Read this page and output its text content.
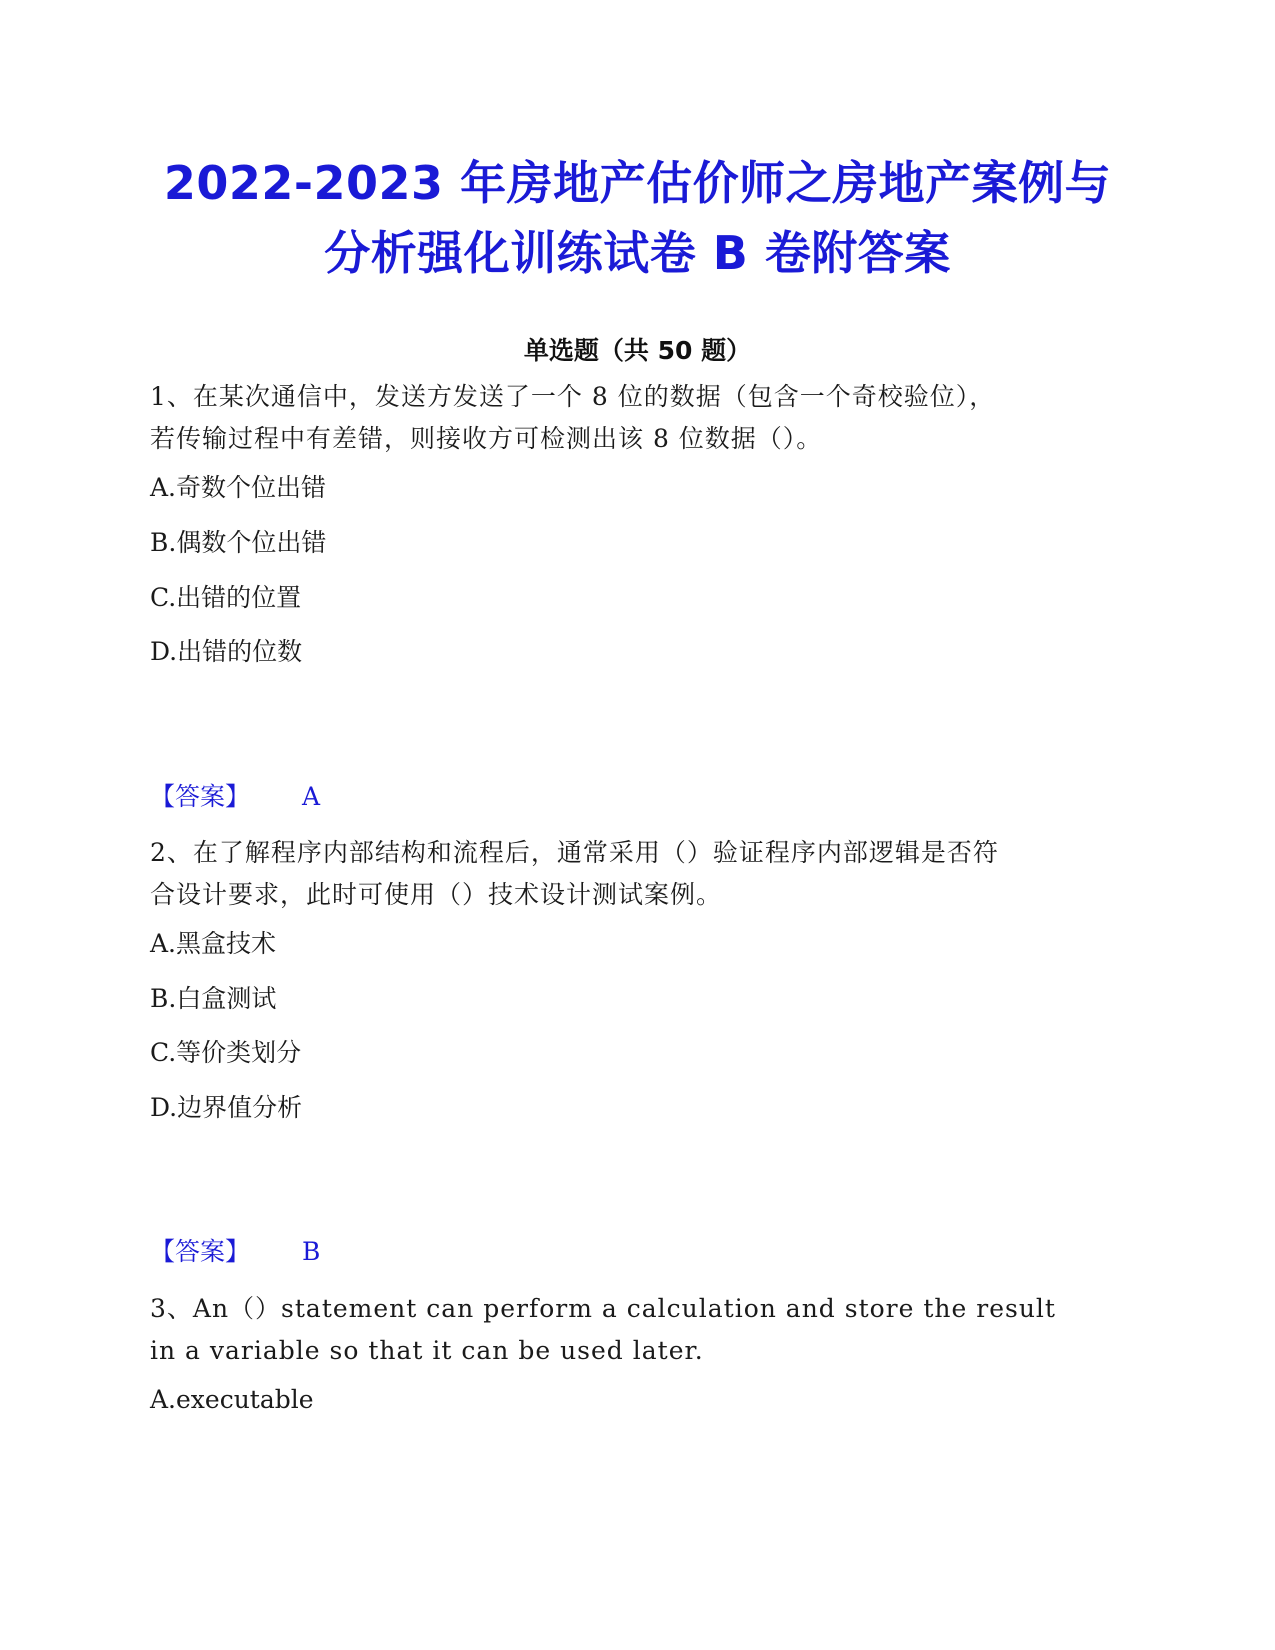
2022-2023 年房地产估价师之房地产案例与
分析强化训练试卷 B 卷附答案
单选题（共 50 题）
1、在某次通信中，发送方发送了一个 8 位的数据（包含一个奇校验位），
若传输过程中有差错，则接收方可检测出该 8 位数据（）。
A.奇数个位出错
B.偶数个位出错
C.出错的位置
D.出错的位数
【答案】 A
2、在了解程序内部结构和流程后，通常采用（）验证程序内部逻辑是否符
合设计要求，此时可使用（）技术设计测试案例。
A.黑盒技术
B.白盒测试
C.等价类划分
D.边界值分析
【答案】 B
3、An（）statement can perform a calculation and store the result
in a variable so that it can be used later.
A.executable
